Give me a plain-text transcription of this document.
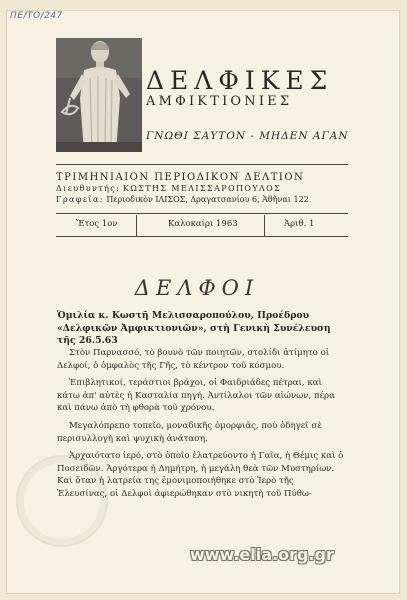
ΠΕ/ΤΟ/247
ΔΕΛΦΙΚΕΣ
ΑΜΦΙΚΤΙΟΝΙΕΣ
ΓΝΩΘΙ ΣΑΥΤΟΝ - ΜΗΔΕΝ ΑΓΑΝ
ΤΡΙΜΗΝΙΑΙΟΝ ΠΕΡΙΟΔΙΚΟΝ ΔΕΛΤΙΟΝ
Διευθυντής: ΚΩΣΤΗΣ ΜΕΛΙΣΣΑΡΟΠΟΥΛΟΣ
Γραφεῖα: Περιοδικὸν ΙΛΙΣΟΣ, Δραγατσανίου 6, Ἀθῆναι 122
Ἔτος 1ον	Καλοκαίρι 1963	Ἀριθ. 1
ΔΕΛΦΟΙ
Ὁμιλία κ. Κωστῆ Μελισσαροπούλου, Προέδρου «Δελφικῶν Ἀμφικτιονιῶν», στὴ Γενικὴ Συνέλευση τῆς 26.5.63

Στὸν Παρνασσό, τὸ βουνὸ τῶν ποιητῶν, στολίδι ἀτίμητο οἱ Δελφοί, ὁ ὀμφαλὸς τῆς Γῆς, τὸ κέντρον τοῦ κόσμου.

Ἐπιβλητικοί, τεράστιοι βράχοι, οἱ Φαιδριάδες πέτραι, καὶ κάτω ἀπ' αὐτὲς ἡ Κασταλία πηγή. Ἀντίλαλοι τῶν αἰώνων, πέρα καὶ πάνω ἀπὸ τὴ φθορὰ τοῦ χρόνου.

Μεγαλόπρεπο τοπεῖο, μοναδικῆς ὀμορφιᾶς, ποὺ ὁδηγεῖ σὲ περισυλλογὴ καὶ ψυχικὴ ἀνάταση.

Ἀρχαιότατο ἱερό, στὸ ὁποῖο ἐλατρεύοντο ἡ Γαῖα, ἡ Θέμις καὶ ὁ Ποσειδῶν. Ἀργότερα ἡ Δημήτρη, ἡ μεγάλη θεὰ τῶν Μυστηρίων. Καὶ ὅταν ἡ λατρεία της ἐμονιμοποιήθηκε στὸ Ἱερὸ τῆς Ἐλευσίνας, οἱ Δελφοὶ ἀφιερώθηκαν στὸ νικητὴ τοῦ Πύθω-

www.elia.org.gr
